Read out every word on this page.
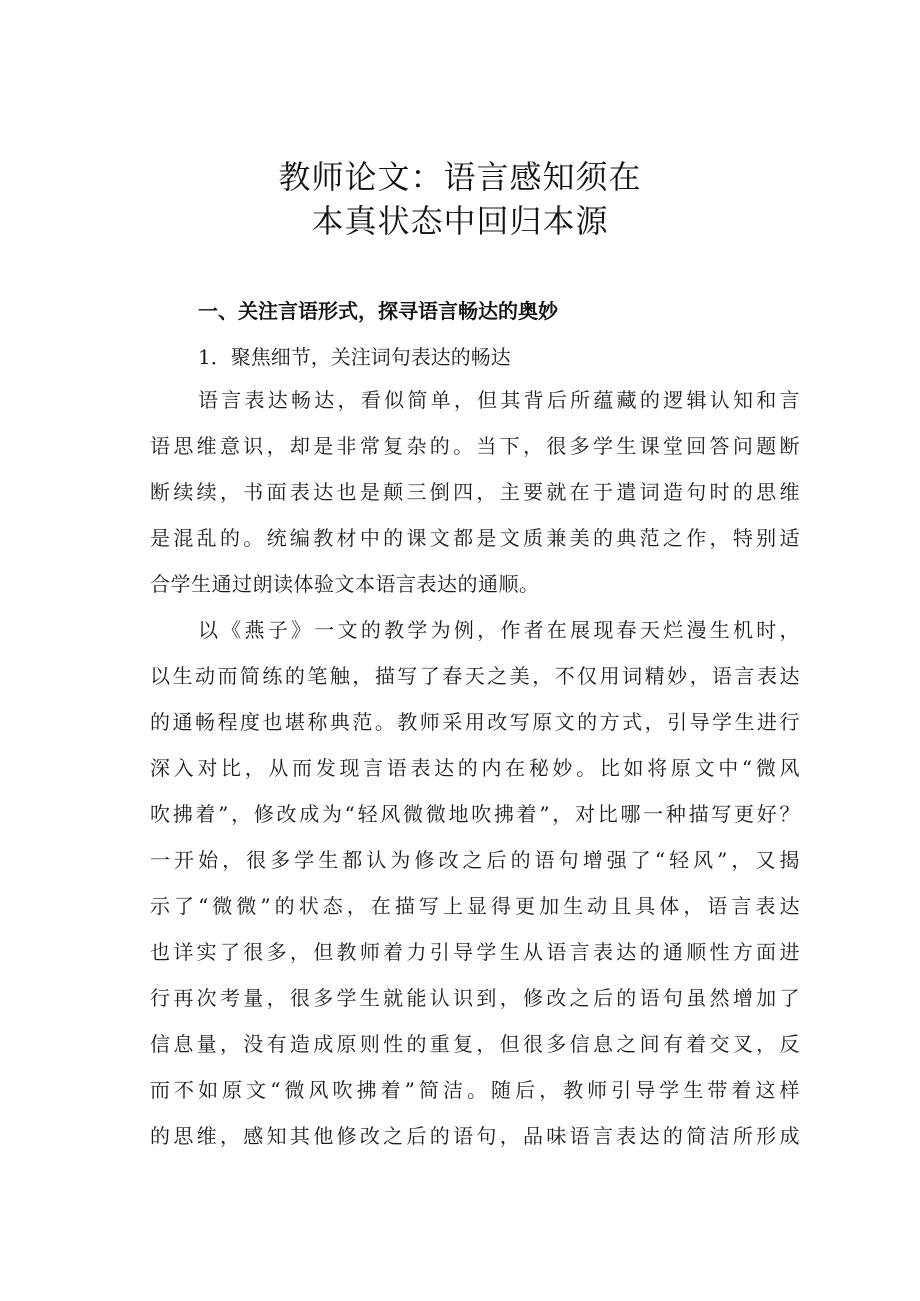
教师论文：语言感知须在
本真状态中回归本源
一、关注言语形式，探寻语言畅达的奥妙
1．聚焦细节，关注词句表达的畅达
语言表达畅达，看似简单，但其背后所蕴藏的逻辑认知和言
语思维意识，却是非常复杂的。当下，很多学生课堂回答问题断
断续续，书面表达也是颠三倒四，主要就在于遣词造句时的思维
是混乱的。统编教材中的课文都是文质兼美的典范之作，特别适
合学生通过朗读体验文本语言表达的通顺。
以《燕子》一文的教学为例，作者在展现春天烂漫生机时，
以生动而简练的笔触，描写了春天之美，不仅用词精妙，语言表达
的通畅程度也堪称典范。教师采用改写原文的方式，引导学生进行
深入对比，从而发现言语表达的内在秘妙。比如将原文中“微风
吹拂着”，修改成为“轻风微微地吹拂着”，对比哪一种描写更好？
一开始，很多学生都认为修改之后的语句增强了“轻风”，又揭
示了“微微”的状态，在描写上显得更加生动且具体，语言表达
也详实了很多，但教师着力引导学生从语言表达的通顺性方面进
行再次考量，很多学生就能认识到，修改之后的语句虽然增加了
信息量，没有造成原则性的重复，但很多信息之间有着交叉，反
而不如原文“微风吹拂着”简洁。随后，教师引导学生带着这样
的思维，感知其他修改之后的语句，品味语言表达的简洁所形成
